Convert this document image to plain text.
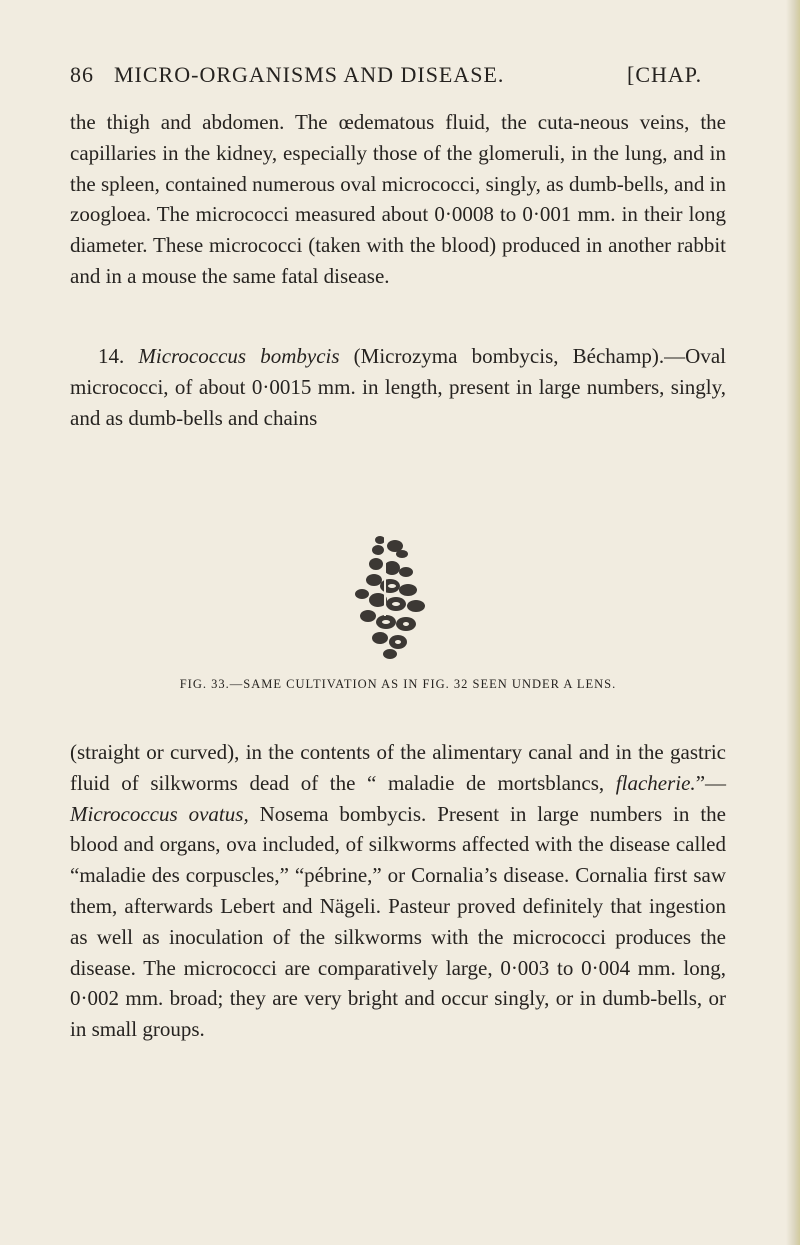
86 MICRO-ORGANISMS AND DISEASE.	[CHAP.

the thigh and abdomen. The œdematous fluid, the cuta-neous veins, the capillaries in the kidney, especially those of the glomeruli, in the lung, and in the spleen, contained numerous oval micrococci, singly, as dumb-bells, and in zoogloea. The micrococci measured about 0·0008 to 0·001 mm. in their long diameter. These micrococci (taken with the blood) produced in another rabbit and in a mouse the same fatal disease.

14. Micrococcus bombycis (Microzyma bombycis, Béchamp).—Oval micrococci, of about 0·0015 mm. in length, present in large numbers, singly, and as dumb-bells and chains

FIG. 33.—SAME CULTIVATION AS IN FIG. 32 SEEN UNDER A LENS.

(straight or curved), in the contents of the alimentary canal and in the gastric fluid of silkworms dead of the “ maladie de mortsblancs, flacherie.”—Micrococcus ovatus, Nosema bombycis. Present in large numbers in the blood and organs, ova included, of silkworms affected with the disease called “maladie des corpuscles,” “pébrine,” or Cornalia’s disease. Cornalia first saw them, afterwards Lebert and Nägeli. Pasteur proved definitely that ingestion as well as inoculation of the silkworms with the micrococci produces the disease. The micrococci are comparatively large, 0·003 to 0·004 mm. long, 0·002 mm. broad; they are very bright and occur singly, or in dumb-bells, or in small groups.
